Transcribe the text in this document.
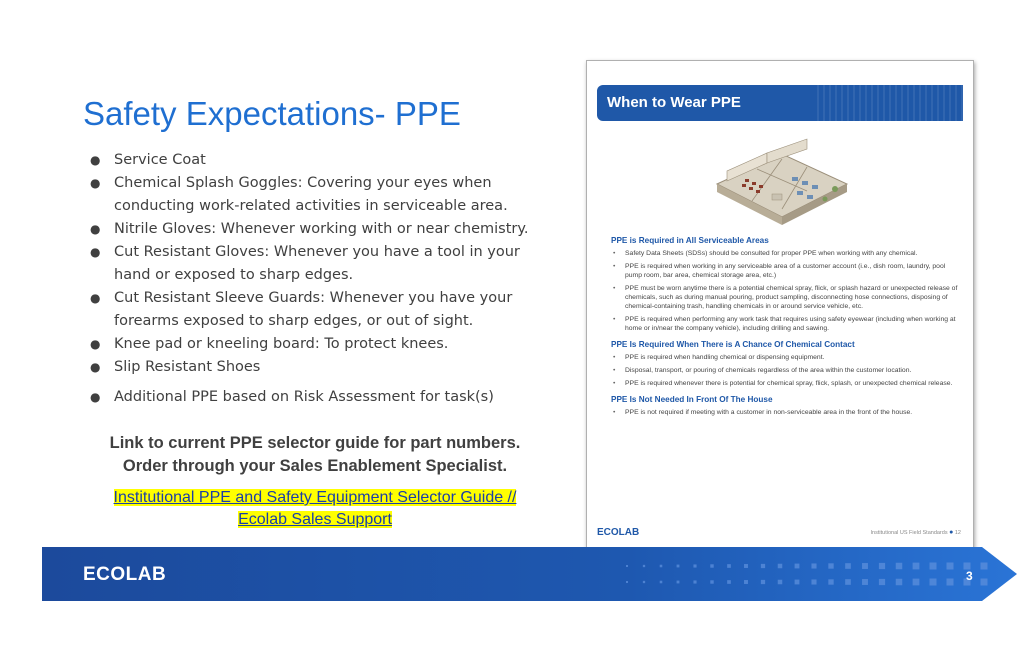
Safety Expectations- PPE
● Service Coat
● Chemical Splash Goggles: Covering your eyes when conducting work-related activities in serviceable area.
● Nitrile Gloves: Whenever working with or near chemistry.
● Cut Resistant Gloves: Whenever you have a tool in your hand or exposed to sharp edges.
● Cut Resistant Sleeve Guards: Whenever you have your forearms exposed to sharp edges, or out of sight.
● Knee pad or kneeling board: To protect knees.
● Slip Resistant Shoes
● Additional PPE based on Risk Assessment for task(s)
Link to current PPE selector guide for part numbers.
Order through your Sales Enablement Specialist.
Institutional PPE and Safety Equipment Selector Guide //
Ecolab Sales Support
When to Wear PPE
PPE is Required in All Serviceable Areas
• Safety Data Sheets (SDSs) should be consulted for proper PPE when working with any chemical.
• PPE is required when working in any serviceable area of a customer account (i.e., dish room, laundry, pool pump room, bar area, chemical storage area, etc.)
• PPE must be worn anytime there is a potential chemical spray, flick, or splash hazard or unexpected release of chemicals, such as during manual pouring, product sampling, disconnecting hose connections, disposing of chemical-containing trash, handling chemicals in or around service vehicle, etc.
• PPE is required when performing any work task that requires using safety eyewear (including when working at home or in/near the company vehicle), including drilling and sawing.
PPE Is Required When There is A Chance Of Chemical Contact
• PPE is required when handling chemical or dispensing equipment.
• Disposal, transport, or pouring of chemicals regardless of the area within the customer location.
• PPE is required whenever there is potential for chemical spray, flick, splash, or unexpected chemical release.
PPE Is Not Needed In Front Of The House
• PPE is not required if meeting with a customer in non-serviceable area in the front of the house.
ECOLAB	Institutional US Field Standards ● 12
ECOLAB	3
